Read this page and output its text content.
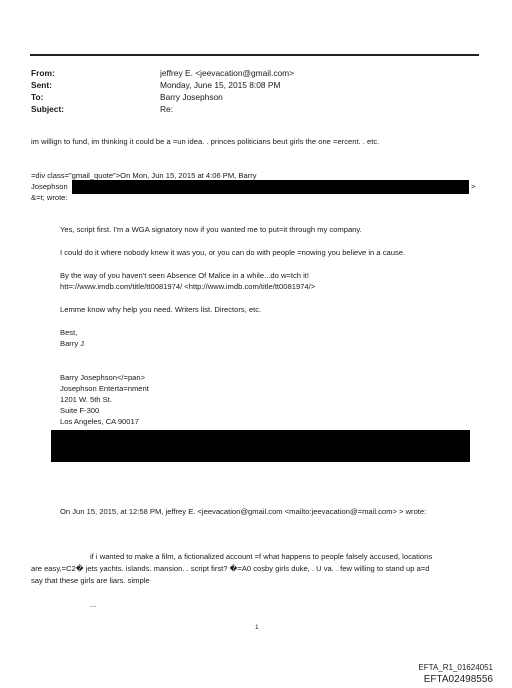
From:	jeffrey E. <jeevacation@gmail.com>
Sent:	Monday, June 15, 2015 8:08 PM
To:	Barry Josephson
Subject:	Re:
im willign to fund, im thinking it could be a =un idea. . princes politicians beut girls the one =ercent. . etc.
=div class="gmail_quote">On Mon, Jun 15, 2015 at 4:06 PM, Barry
Josephson	>
&=t; wrote:
Yes, script first. I'm a WGA signatory now if you wanted me to put=it through my company.
I could do it where nobody knew it was you, or you can do with people =nowing you believe in a cause.
By the way of you haven't seen Absence Of Malice in a while...do w=tch it!
htt=://www.imdb.com/title/tt0081974/ <http://www.imdb.com/title/tt0081974/>
Lemme know why help you need. Writers list. Directors, etc.
Best,
Barry J
Barry Josephson</=pan>
Josephson Enterta=nment
1201 W. 5th St.
Suite F-300
Los Angeles, CA 90017
On Jun 15, 2015, at 12:58 PM, jeffrey E. <jeevacation@gmail.com <mailto:jeevacation@=mail.com> > wrote:
if i wanted to make a film, a fictionalized account =f what happens to people falsely accused, locations
are easy,=C2� jets yachts. islands. mansion. . script first? �=A0 cosby girls duke, . U va. . few willing to stand up a=d
say that these girls are liars. simple
...
1
EFTA_R1_01624051
EFTA02498556
